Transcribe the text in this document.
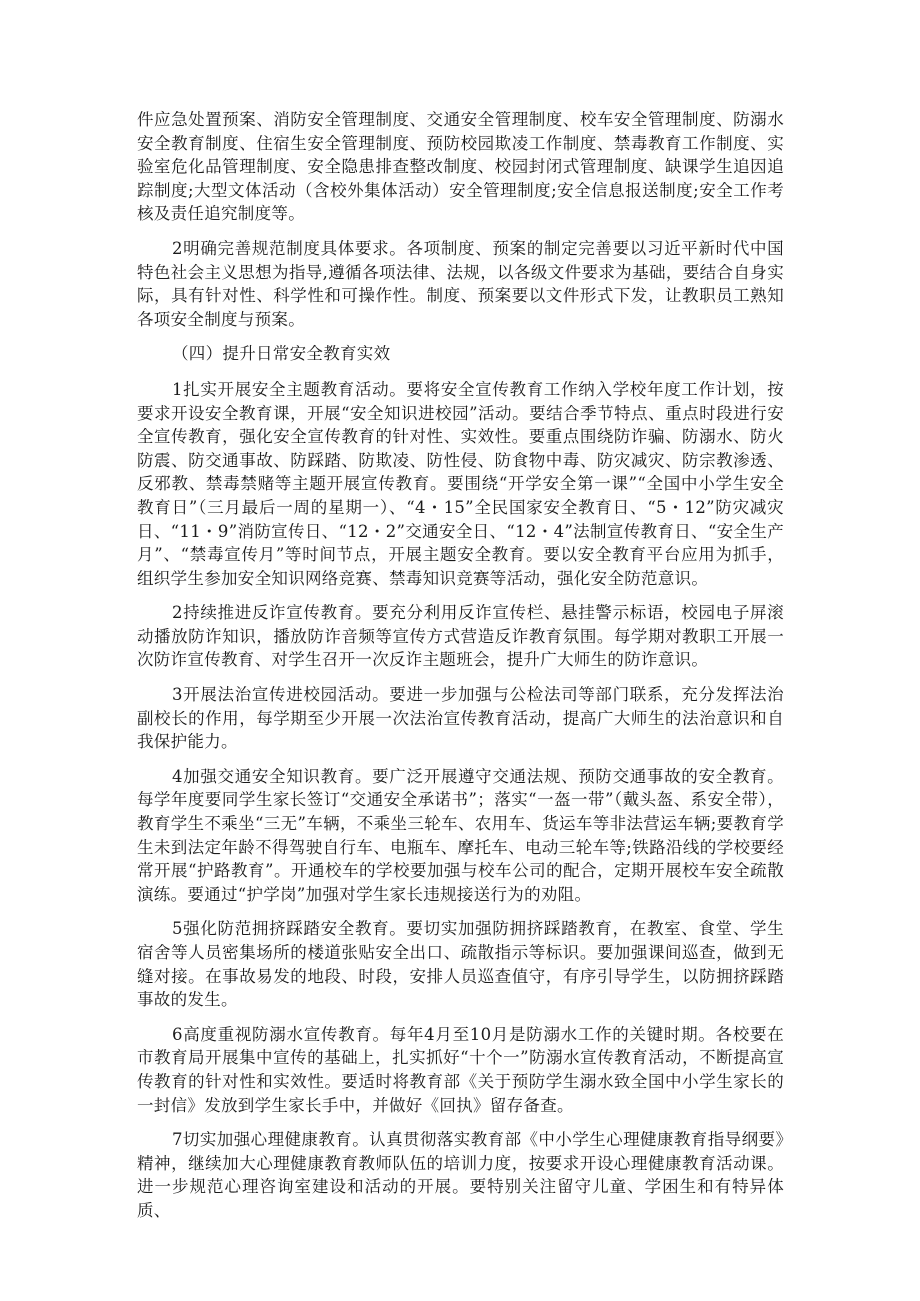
件应急处置预案、消防安全管理制度、交通安全管理制度、校车安全管理制度、防溺水安全教育制度、住宿生安全管理制度、预防校园欺凌工作制度、禁毒教育工作制度、实验室危化品管理制度、安全隐患排查整改制度、校园封闭式管理制度、缺课学生追因追踪制度;大型文体活动（含校外集体活动）安全管理制度;安全信息报送制度;安全工作考核及责任追究制度等。

2明确完善规范制度具体要求。各项制度、预案的制定完善要以习近平新时代中国特色社会主义思想为指导,遵循各项法律、法规，以各级文件要求为基础，要结合自身实际，具有针对性、科学性和可操作性。制度、预案要以文件形式下发，让教职员工熟知各项安全制度与预案。

（四）提升日常安全教育实效

1扎实开展安全主题教育活动。要将安全宣传教育工作纳入学校年度工作计划，按要求开设安全教育课，开展“安全知识进校园”活动。要结合季节特点、重点时段进行安全宣传教育，强化安全宣传教育的针对性、实效性。要重点围绕防诈骗、防溺水、防火防震、防交通事故、防踩踏、防欺凌、防性侵、防食物中毒、防灾减灾、防宗教渗透、反邪教、禁毒禁赌等主题开展宣传教育。要围绕“开学安全第一课”“全国中小学生安全教育日”（三月最后一周的星期一）、“4・15”全民国家安全教育日、“5・12”防灾减灾日、“11・9”消防宣传日、“12・2”交通安全日、“12・4”法制宣传教育日、“安全生产月”、“禁毒宣传月”等时间节点，开展主题安全教育。要以安全教育平台应用为抓手，组织学生参加安全知识网络竞赛、禁毒知识竞赛等活动，强化安全防范意识。

2持续推进反诈宣传教育。要充分利用反诈宣传栏、悬挂警示标语，校园电子屏滚动播放防诈知识，播放防诈音频等宣传方式营造反诈教育氛围。每学期对教职工开展一次防诈宣传教育、对学生召开一次反诈主题班会，提升广大师生的防诈意识。

3开展法治宣传进校园活动。要进一步加强与公检法司等部门联系，充分发挥法治副校长的作用，每学期至少开展一次法治宣传教育活动，提高广大师生的法治意识和自我保护能力。

4加强交通安全知识教育。要广泛开展遵守交通法规、预防交通事故的安全教育。每学年度要同学生家长签订“交通安全承诺书”；落实“一盔一带”（戴头盔、系安全带），教育学生不乘坐“三无”车辆，不乘坐三轮车、农用车、货运车等非法营运车辆;要教育学生未到法定年龄不得驾驶自行车、电瓶车、摩托车、电动三轮车等;铁路沿线的学校要经常开展“护路教育”。开通校车的学校要加强与校车公司的配合，定期开展校车安全疏散演练。要通过“护学岗”加强对学生家长违规接送行为的劝阻。

5强化防范拥挤踩踏安全教育。要切实加强防拥挤踩踏教育，在教室、食堂、学生宿舍等人员密集场所的楼道张贴安全出口、疏散指示等标识。要加强课间巡查，做到无缝对接。在事故易发的地段、时段，安排人员巡查值守，有序引导学生，以防拥挤踩踏事故的发生。

6高度重视防溺水宣传教育。每年4月至10月是防溺水工作的关键时期。各校要在市教育局开展集中宣传的基础上，扎实抓好“十个一”防溺水宣传教育活动，不断提高宣传教育的针对性和实效性。要适时将教育部《关于预防学生溺水致全国中小学生家长的一封信》发放到学生家长手中，并做好《回执》留存备查。

7切实加强心理健康教育。认真贯彻落实教育部《中小学生心理健康教育指导纲要》精神，继续加大心理健康教育教师队伍的培训力度，按要求开设心理健康教育活动课。进一步规范心理咨询室建设和活动的开展。要特别关注留守儿童、学困生和有特异体质、
